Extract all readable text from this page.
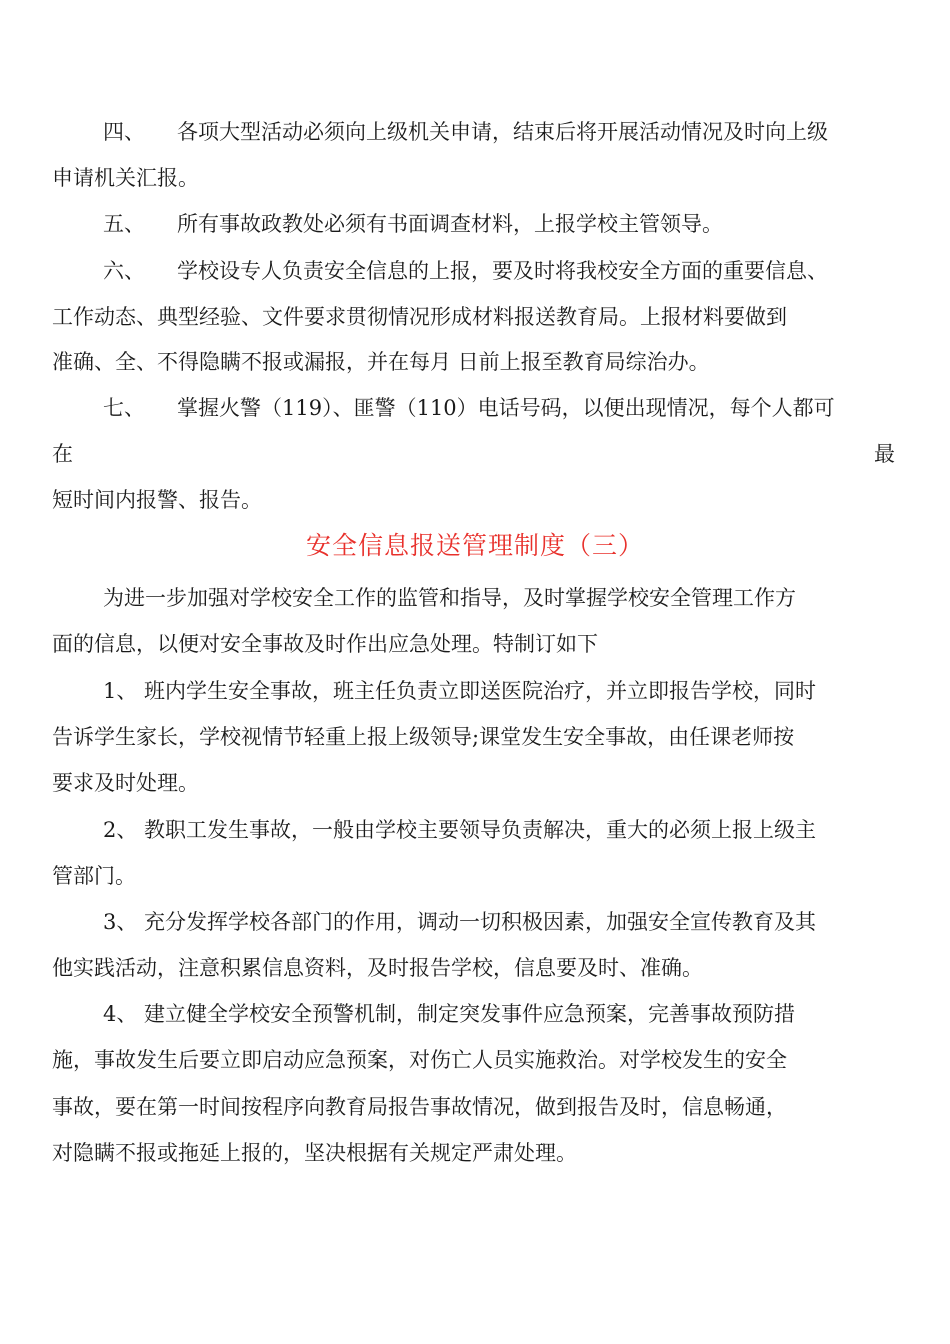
四、 各项大型活动必须向上级机关申请，结束后将开展活动情况及时向上级
申请机关汇报。
五、 所有事故政教处必须有书面调查材料，上报学校主管领导。
六、 学校设专人负责安全信息的上报，要及时将我校安全方面的重要信息、
工作动态、典型经验、文件要求贯彻情况形成材料报送教育局。上报材料要做到
准确、全、不得隐瞒不报或漏报，并在每月 日前上报至教育局综治办。
七、 掌握火警（119）、匪警（110）电话号码，以便出现情况，每个人都可
在	最
短时间内报警、报告。
安全信息报送管理制度（三）
为进一步加强对学校安全工作的监管和指导，及时掌握学校安全管理工作方
面的信息，以便对安全事故及时作出应急处理。特制订如下
1、 班内学生安全事故，班主任负责立即送医院治疗，并立即报告学校，同时
告诉学生家长，学校视情节轻重上报上级领导;课堂发生安全事故，由任课老师按
要求及时处理。
2、 教职工发生事故，一般由学校主要领导负责解决，重大的必须上报上级主
管部门。
3、 充分发挥学校各部门的作用，调动一切积极因素，加强安全宣传教育及其
他实践活动，注意积累信息资料，及时报告学校，信息要及时、准确。
4、 建立健全学校安全预警机制，制定突发事件应急预案，完善事故预防措
施，事故发生后要立即启动应急预案，对伤亡人员实施救治。对学校发生的安全
事故，要在第一时间按程序向教育局报告事故情况，做到报告及时，信息畅通，
对隐瞒不报或拖延上报的，坚决根据有关规定严肃处理。
